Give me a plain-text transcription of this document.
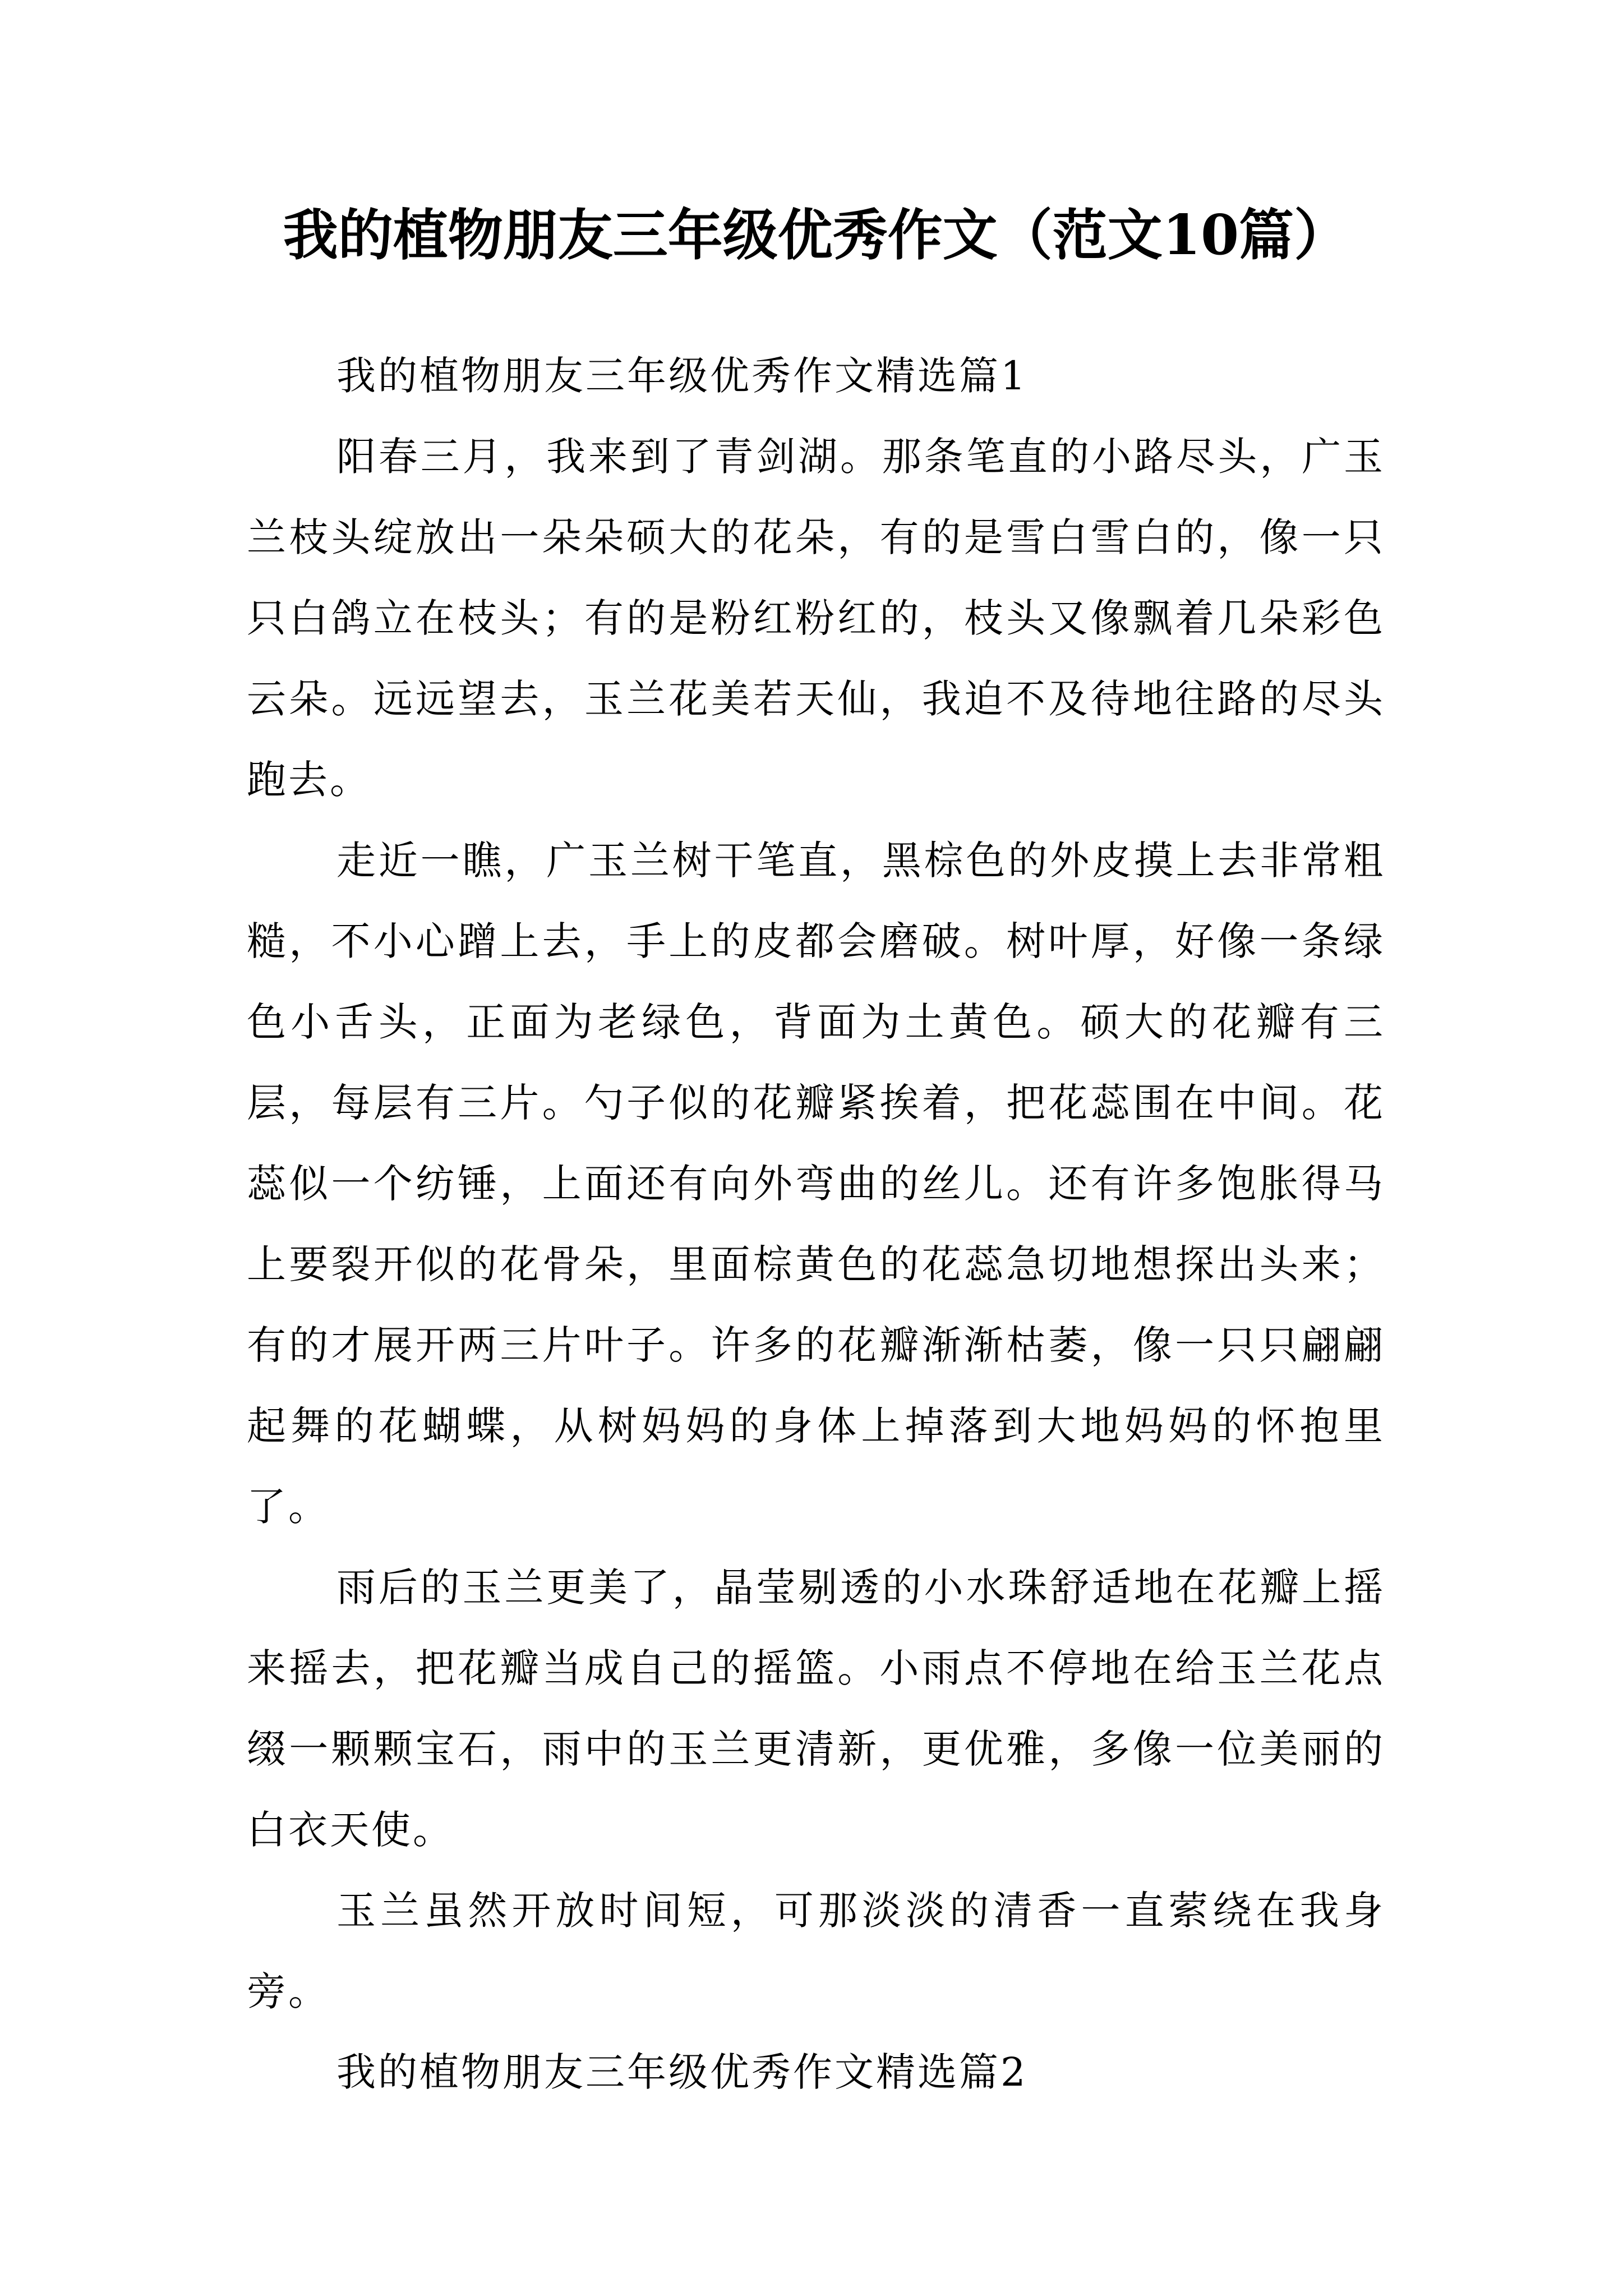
我的植物朋友三年级优秀作文（范文10篇）

我的植物朋友三年级优秀作文精选篇1

阳春三月，我来到了青剑湖。那条笔直的小路尽头，广玉兰枝头绽放出一朵朵硕大的花朵，有的是雪白雪白的，像一只只白鸽立在枝头；有的是粉红粉红的，枝头又像飘着几朵彩色云朵。远远望去，玉兰花美若天仙，我迫不及待地往路的尽头跑去。

走近一瞧，广玉兰树干笔直，黑棕色的外皮摸上去非常粗糙，不小心蹭上去，手上的皮都会磨破。树叶厚，好像一条绿色小舌头，正面为老绿色，背面为土黄色。硕大的花瓣有三层，每层有三片。勺子似的花瓣紧挨着，把花蕊围在中间。花蕊似一个纺锤，上面还有向外弯曲的丝儿。还有许多饱胀得马上要裂开似的花骨朵，里面棕黄色的花蕊急切地想探出头来；有的才展开两三片叶子。许多的花瓣渐渐枯萎，像一只只翩翩起舞的花蝴蝶，从树妈妈的身体上掉落到大地妈妈的怀抱里了。

雨后的玉兰更美了，晶莹剔透的小水珠舒适地在花瓣上摇来摇去，把花瓣当成自己的摇篮。小雨点不停地在给玉兰花点缀一颗颗宝石，雨中的玉兰更清新，更优雅，多像一位美丽的白衣天使。

玉兰虽然开放时间短，可那淡淡的清香一直萦绕在我身旁。

我的植物朋友三年级优秀作文精选篇2
